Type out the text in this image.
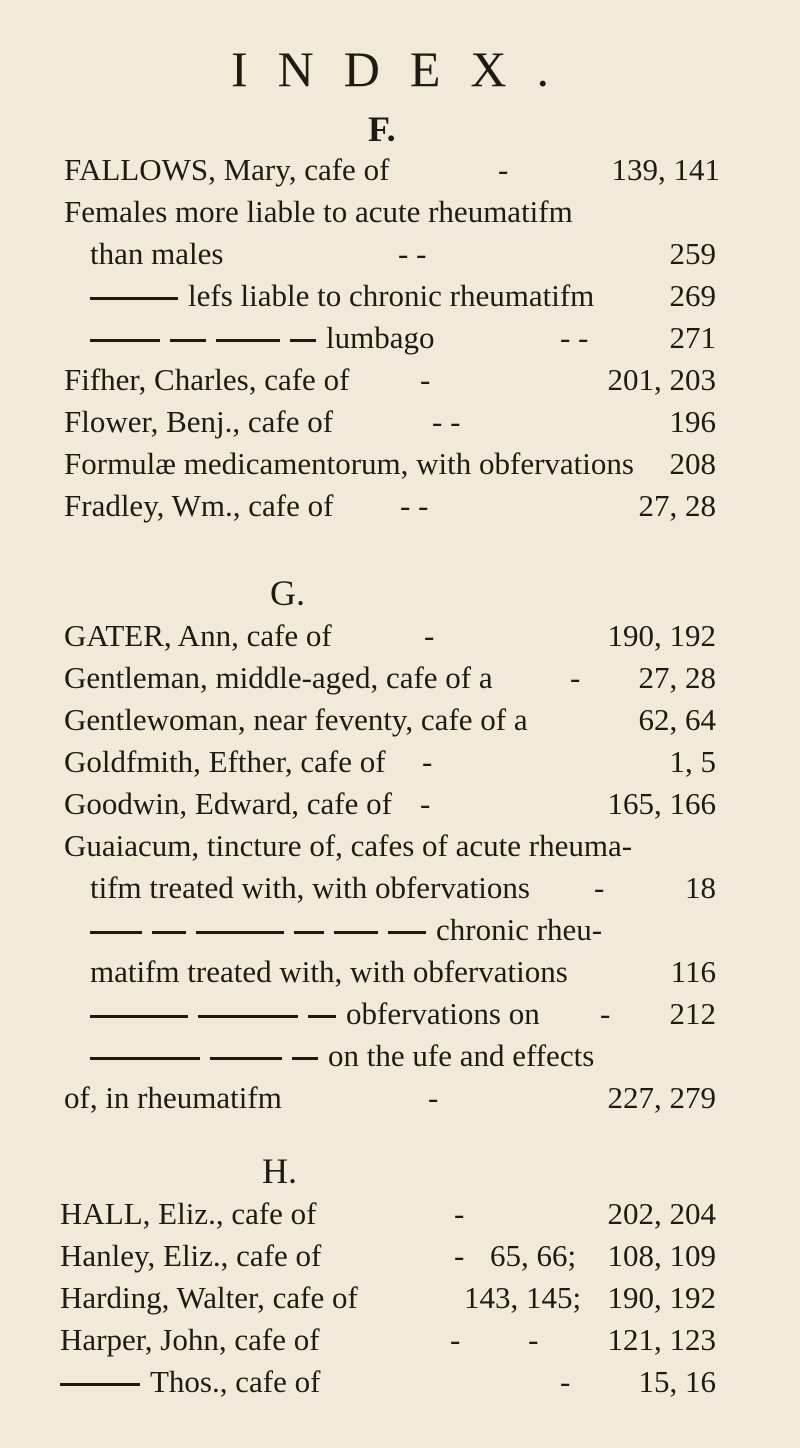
INDEX.
F.
FALLOWS, Mary, cafe of	-	139, 141
Females more liable to acute rheumatifm
than males	- -	259
lefs liable to chronic rheumatifm 269
lumbago	- -	271
Fifher, Charles, cafe of -	201, 203
Flower, Benj., cafe of	- -	196
Formulæ medicamentorum, with obfervations 208
Fradley, Wm., cafe of - -	27, 28
G.
GATER, Ann, cafe of	-	190, 192
Gentleman, middle-aged, cafe of a - 27, 28
Gentlewoman, near feventy, cafe of a	62, 64
Goldfmith, Efther, cafe of -	1, 5
Goodwin, Edward, cafe of -	165, 166
Guaiacum, tincture of, cafes of acute rheuma-
tifm treated with, with obfervations -	18
chronic rheu-
matifm treated with, with obfervations	116
obfervations on - 212
on the ufe and effects
of, in rheumatifm	-	227, 279
H.
HALL, Eliz., cafe of	-	202, 204
Hanley, Eliz., cafe of	- 65, 66; 108, 109
Harding, Walter, cafe of	143, 145; 190, 192
Harper, John, cafe of	- - 121, 123
Thos., cafe of	- 15, 16
